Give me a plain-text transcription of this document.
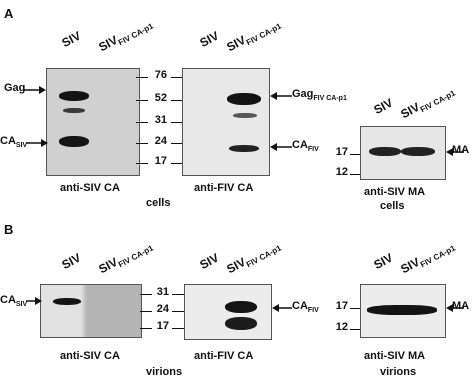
A
SIV $SIV_{FIV CA-p1}$
Gag
$CA_{SIV}$
76
52
31
24
17
SIV $SIV_{FIV CA-p1}$
Gag$_{FIV CA-p1}$
$CA_{FIV}$
anti-SIV CA	anti-FIV CA
cells
SIV $SIV_{FIV CA-p1}$
17
12
MA
anti-SIV MA
cells
B
SIV $SIV_{FIV CA-p1}$
$CA_{SIV}$
31
24
17
SIV $SIV_{FIV CA-p1}$
$CA_{FIV}$
anti-SIV CA	anti-FIV CA
virions
SIV $SIV_{FIV CA-p1}$
17
12
MA
anti-SIV MA
virions
